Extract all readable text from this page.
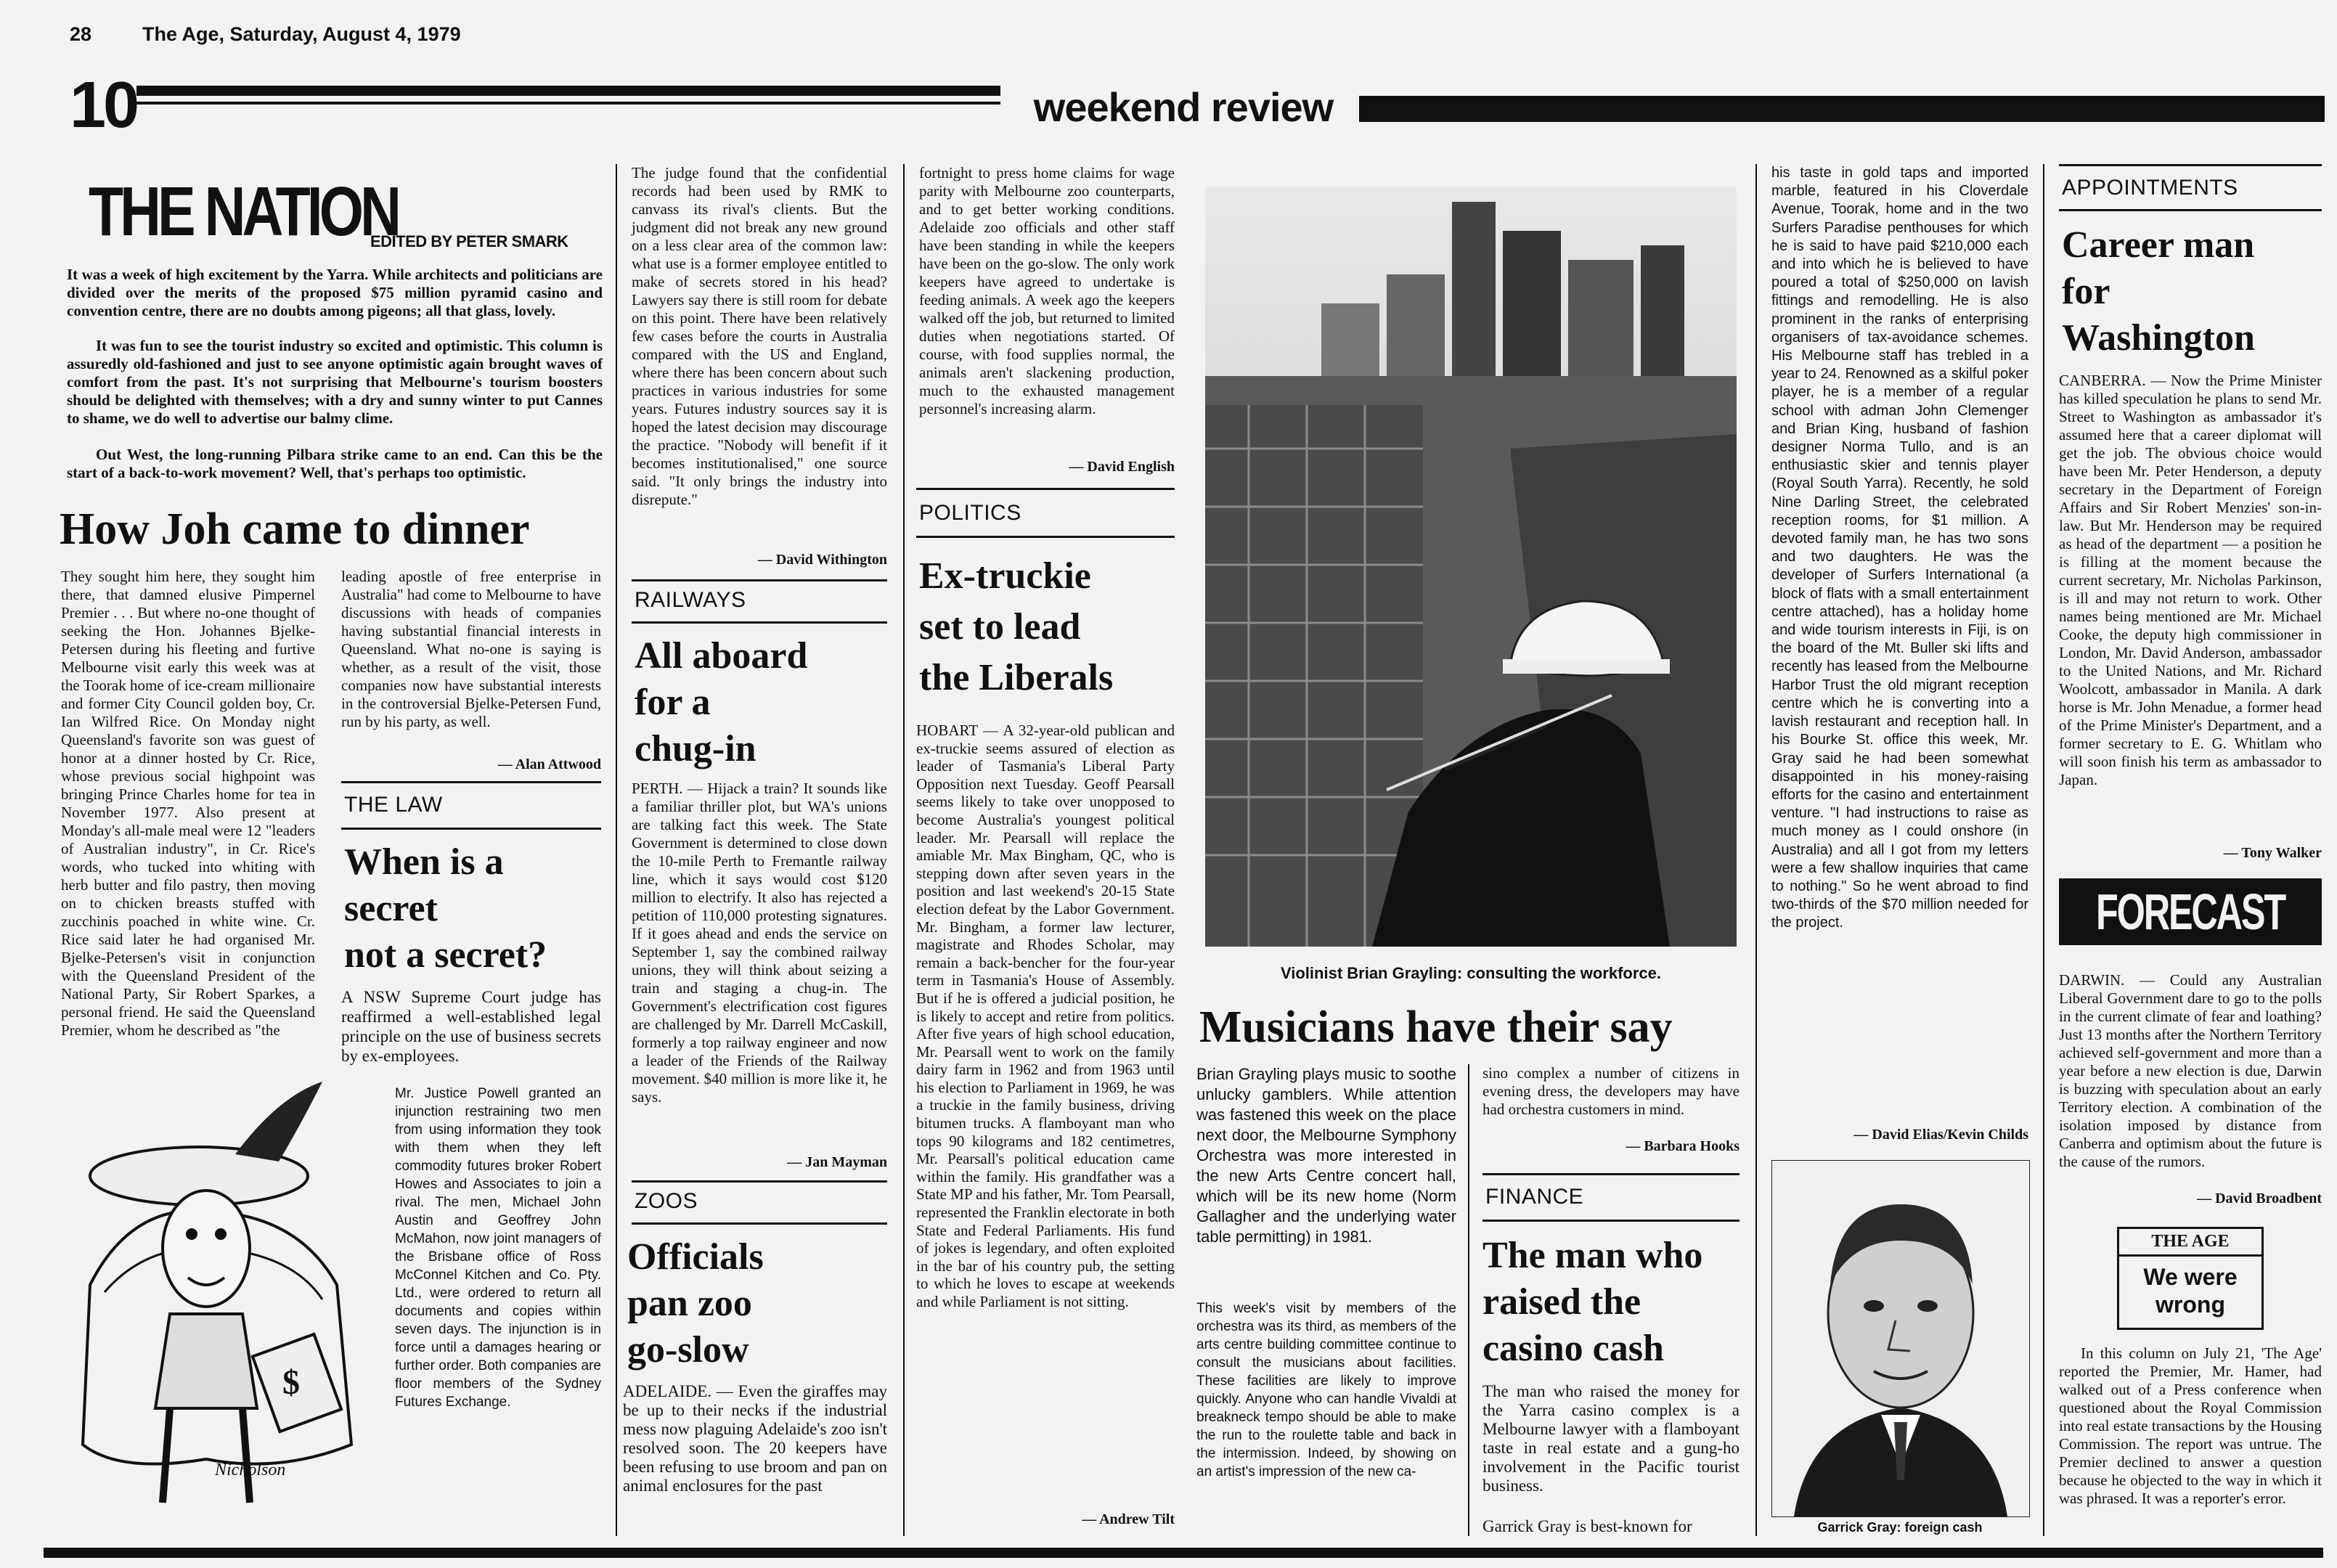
28	The Age, Saturday, August 4, 1979
10	weekend review
THE NATION
EDITED BY PETER SMARK

It was a week of high excitement by the Yarra. While architects and politicians are divided over the merits of the proposed $75 million pyramid casino and convention centre, there are no doubts among pigeons; all that glass, lovely.

It was fun to see the tourist industry so excited and optimistic. This column is assuredly old-fashioned and just to see anyone optimistic again brought waves of comfort from the past. It's not surprising that Melbourne's tourism boosters should be delighted with themselves; with a dry and sunny winter to put Cannes to shame, we do well to advertise our balmy clime.

Out West, the long-running Pilbara strike came to an end. Can this be the start of a back-to-work movement? Well, that's perhaps too optimistic.

How Joh came to dinner

They sought him here, they sought him there, that damned elusive Pimpernel Premier . . . But where no-one thought of seeking the Hon. Johannes Bjelke-Petersen during his fleeting and furtive Melbourne visit early this week was at the Toorak home of ice-cream millionaire and former City Council golden boy, Cr. Ian Wilfred Rice. On Monday night Queensland's favorite son was guest of honor at a dinner hosted by Cr. Rice, whose previous social highpoint was bringing Prince Charles home for tea in November 1977. Also present at Monday's all-male meal were 12 "leaders of Australian industry", in Cr. Rice's words, who tucked into whiting with herb butter and filo pastry, then moving on to chicken breasts stuffed with zucchinis poached in white wine. Cr. Rice said later he had organised Mr. Bjelke-Petersen's visit in conjunction with the Queensland President of the National Party, Sir Robert Sparkes, a personal friend. He said the Queensland Premier, whom he described as "the

leading apostle of free enterprise in Australia" had come to Melbourne to have discussions with heads of companies having substantial financial interests in Queensland. What no-one is saying is whether, as a result of the visit, those companies now have substantial interests in the controversial Bjelke-Petersen Fund, run by his party, as well.

— Alan Attwood
THE LAW
When is a
secret
not a secret?

A NSW Supreme Court judge has reaffirmed a well-established legal principle on the use of business secrets by ex-employees.

Mr. Justice Powell granted an injunction restraining two men from using information they took with them when they left commodity futures broker Robert Howes and Associates to join a rival. The men, Michael John Austin and Geoffrey John McMahon, now joint managers of the Brisbane office of Ross McConnel Kitchen and Co. Pty. Ltd., were ordered to return all documents and copies within seven days. The injunction is in force until a damages hearing or further order. Both companies are floor members of the Sydney Futures Exchange.

$
Nicholson

The judge found that the confidential records had been used by RMK to canvass its rival's clients. But the judgment did not break any new ground on a less clear area of the common law: what use is a former employee entitled to make of secrets stored in his head? Lawyers say there is still room for debate on this point. There have been relatively few cases before the courts in Australia compared with the US and England, where there has been concern about such practices in various industries for some years. Futures industry sources say it is hoped the latest decision may discourage the practice. "Nobody will benefit if it becomes institutionalised," one source said. "It only brings the industry into disrepute."

— David Withington
RAILWAYS
All aboard
for a
chug-in

PERTH. — Hijack a train? It sounds like a familiar thriller plot, but WA's unions are talking fact this week. The State Government is determined to close down the 10-mile Perth to Fremantle railway line, which it says would cost $120 million to electrify. It also has rejected a petition of 110,000 protesting signatures. If it goes ahead and ends the service on September 1, say the combined railway unions, they will think about seizing a train and staging a chug-in. The Government's electrification cost figures are challenged by Mr. Darrell McCaskill, formerly a top railway engineer and now a leader of the Friends of the Railway movement. $40 million is more like it, he says.

— Jan Mayman
ZOOS
Officials
pan zoo
go-slow

ADELAIDE. — Even the giraffes may be up to their necks if the industrial mess now plaguing Adelaide's zoo isn't resolved soon. The 20 keepers have been refusing to use broom and pan on animal enclosures for the past

fortnight to press home claims for wage parity with Melbourne zoo counterparts, and to get better working conditions. Adelaide zoo officials and other staff have been standing in while the keepers have been on the go-slow. The only work keepers have agreed to undertake is feeding animals. A week ago the keepers walked off the job, but returned to limited duties when negotiations started. Of course, with food supplies normal, the animals aren't slackening production, much to the exhausted management personnel's increasing alarm.

— David English
POLITICS
Ex-truckie
set to lead
the Liberals

HOBART — A 32-year-old publican and ex-truckie seems assured of election as leader of Tasmania's Liberal Party Opposition next Tuesday. Geoff Pearsall seems likely to take over unopposed to become Australia's youngest political leader. Mr. Pearsall will replace the amiable Mr. Max Bingham, QC, who is stepping down after seven years in the position and last weekend's 20-15 State election defeat by the Labor Government. Mr. Bingham, a former law lecturer, magistrate and Rhodes Scholar, may remain a back-bencher for the four-year term in Tasmania's House of Assembly. But if he is offered a judicial position, he is likely to accept and retire from politics. After five years of high school education, Mr. Pearsall went to work on the family dairy farm in 1962 and from 1963 until his election to Parliament in 1969, he was a truckie in the family business, driving bitumen trucks. A flamboyant man who tops 90 kilograms and 182 centimetres, Mr. Pearsall's political education came within the family. His grandfather was a State MP and his father, Mr. Tom Pearsall, represented the Franklin electorate in both State and Federal Parliaments. His fund of jokes is legendary, and often exploited in the bar of his country pub, the setting to which he loves to escape at weekends and while Parliament is not sitting.

— Andrew Tilt
Violinist Brian Grayling: consulting the workforce.
Musicians have their say

Brian Grayling plays music to soothe unlucky gamblers. While attention was fastened this week on the place next door, the Melbourne Symphony Orchestra was more interested in the new Arts Centre concert hall, which will be its new home (Norm Gallagher and the underlying water table permitting) in 1981.

This week's visit by members of the orchestra was its third, as members of the arts centre building committee continue to consult the musicians about facilities. These facilities are likely to improve quickly. Anyone who can handle Vivaldi at breakneck tempo should be able to make the run to the roulette table and back in the intermission. Indeed, by showing on an artist's impression of the new ca-

sino complex a number of citizens in evening dress, the developers may have had orchestra customers in mind.

— Barbara Hooks
FINANCE
The man who
raised the
casino cash

The man who raised the money for the Yarra casino complex is a Melbourne lawyer with a flamboyant taste in real estate and a gung-ho involvement in the Pacific tourist business.

Garrick Gray is best-known for

his taste in gold taps and imported marble, featured in his Cloverdale Avenue, Toorak, home and in the two Surfers Paradise penthouses for which he is said to have paid $210,000 each and into which he is believed to have poured a total of $250,000 on lavish fittings and remodelling. He is also prominent in the ranks of enterprising organisers of tax-avoidance schemes. His Melbourne staff has trebled in a year to 24. Renowned as a skilful poker player, he is a member of a regular school with adman John Clemenger and Brian King, husband of fashion designer Norma Tullo, and is an enthusiastic skier and tennis player (Royal South Yarra). Recently, he sold Nine Darling Street, the celebrated reception rooms, for $1 million. A devoted family man, he has two sons and two daughters. He was the developer of Surfers International (a block of flats with a small entertainment centre attached), has a holiday home and wide tourism interests in Fiji, is on the board of the Mt. Buller ski lifts and recently has leased from the Melbourne Harbor Trust the old migrant reception centre which he is converting into a lavish restaurant and reception hall. In his Bourke St. office this week, Mr. Gray said he had been somewhat disappointed in his money-raising efforts for the casino and entertainment venture. "I had instructions to raise as much money as I could onshore (in Australia) and all I got from my letters were a few shallow inquiries that came to nothing." So he went abroad to find two-thirds of the $70 million needed for the project.

— David Elias/Kevin Childs
Garrick Gray: foreign cash
APPOINTMENTS
Career man
for
Washington

CANBERRA. — Now the Prime Minister has killed speculation he plans to send Mr. Street to Washington as ambassador it's assumed here that a career diplomat will get the job. The obvious choice would have been Mr. Peter Henderson, a deputy secretary in the Department of Foreign Affairs and Sir Robert Menzies' son-in-law. But Mr. Henderson may be required as head of the department — a position he is filling at the moment because the current secretary, Mr. Nicholas Parkinson, is ill and may not return to work. Other names being mentioned are Mr. Michael Cooke, the deputy high commissioner in London, Mr. David Anderson, ambassador to the United Nations, and Mr. Richard Woolcott, ambassador in Manila. A dark horse is Mr. John Menadue, a former head of the Prime Minister's Department, and a former secretary to E. G. Whitlam who will soon finish his term as ambassador to Japan.

— Tony Walker
FORECAST

DARWIN. — Could any Australian Liberal Government dare to go to the polls in the current climate of fear and loathing? Just 13 months after the Northern Territory achieved self-government and more than a year before a new election is due, Darwin is buzzing with speculation about an early Territory election. A combination of the isolation imposed by distance from Canberra and optimism about the future is the cause of the rumors.

— David Broadbent
THE AGE
We were
wrong

In this column on July 21, 'The Age' reported the Premier, Mr. Hamer, had walked out of a Press conference when questioned about the Royal Commission into real estate transactions by the Housing Commission. The report was untrue. The Premier declined to answer a question because he objected to the way in which it was phrased. It was a reporter's error.
